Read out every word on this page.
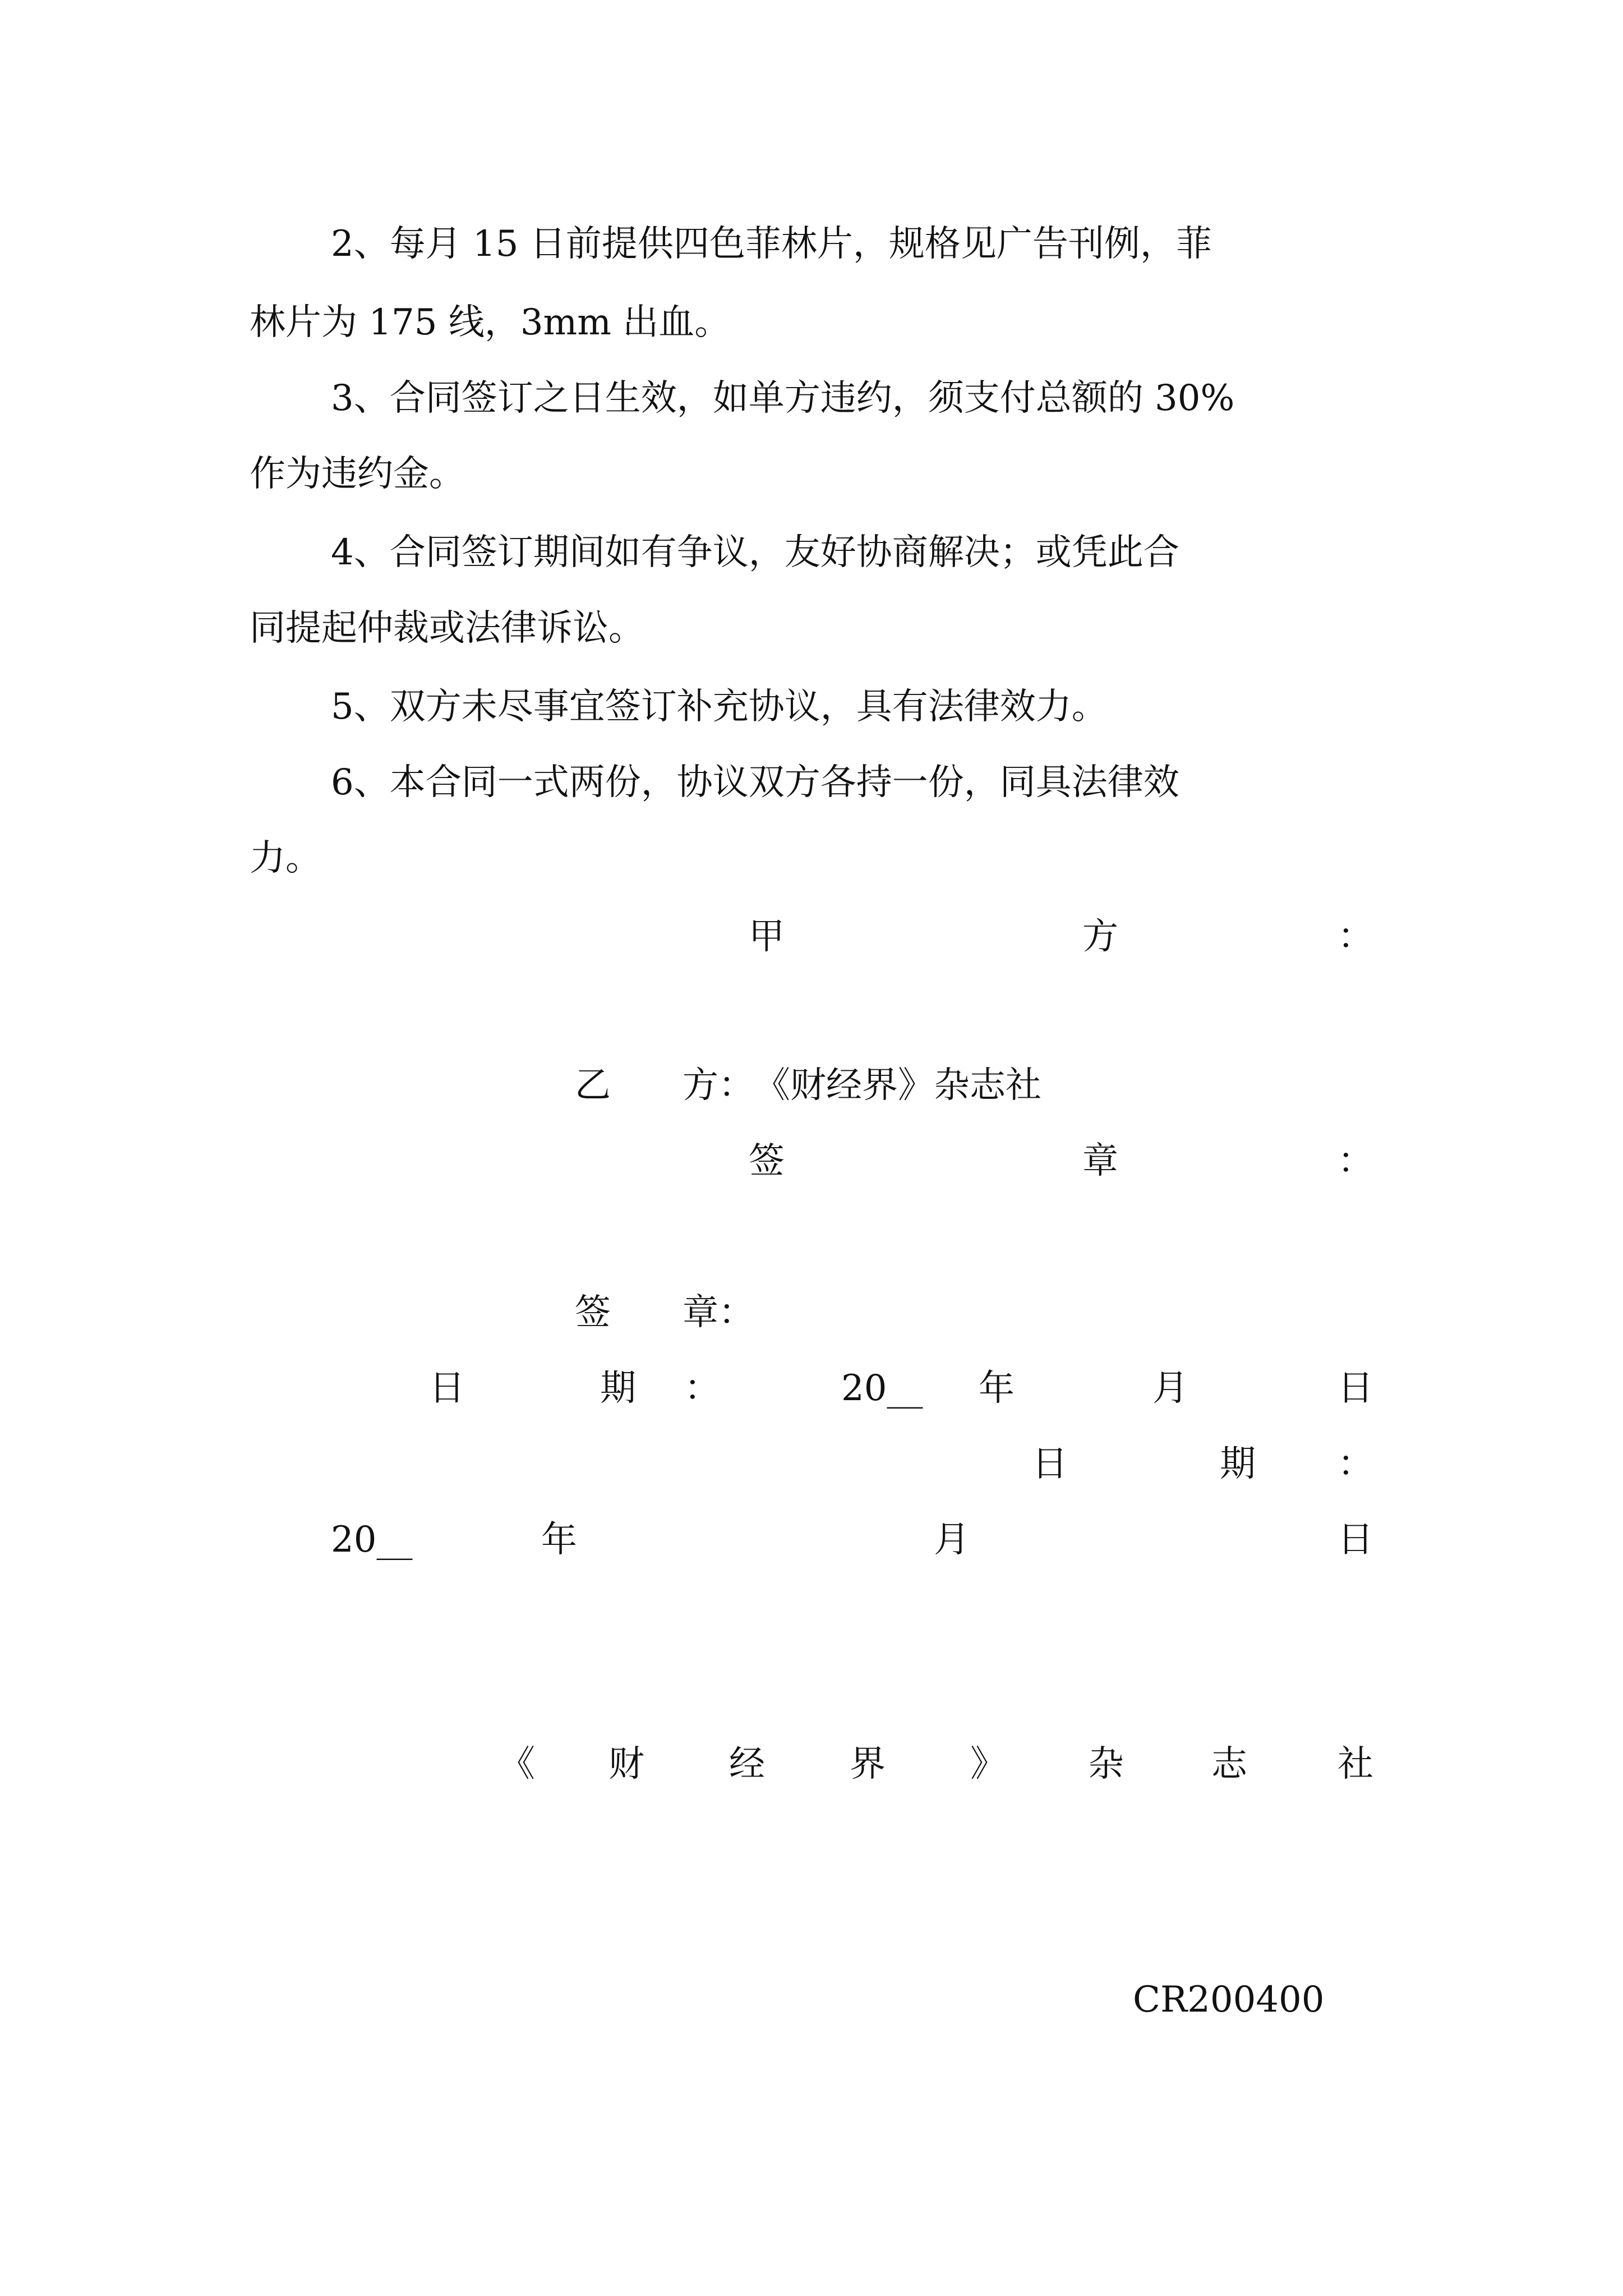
2、每月 15 日前提供四色菲林片，规格见广告刊例，菲
林片为 175 线，3mm 出血。
3、合同签订之日生效，如单方违约，须支付总额的 30%
作为违约金。
4、合同签订期间如有争议，友好协商解决；或凭此合
同提起仲裁或法律诉讼。
5、双方未尽事宜签订补充协议，具有法律效力。
6、本合同一式两份，协议双方各持一份，同具法律效
力。
甲	方	：
乙　　方：　《财经界》杂志社
签	章	：
签　　章：
日	期 ：	20__ 年	月	日
日	期 ：
20__	年	月	日
《 财 经 界 》 杂 志	社
CR200400
